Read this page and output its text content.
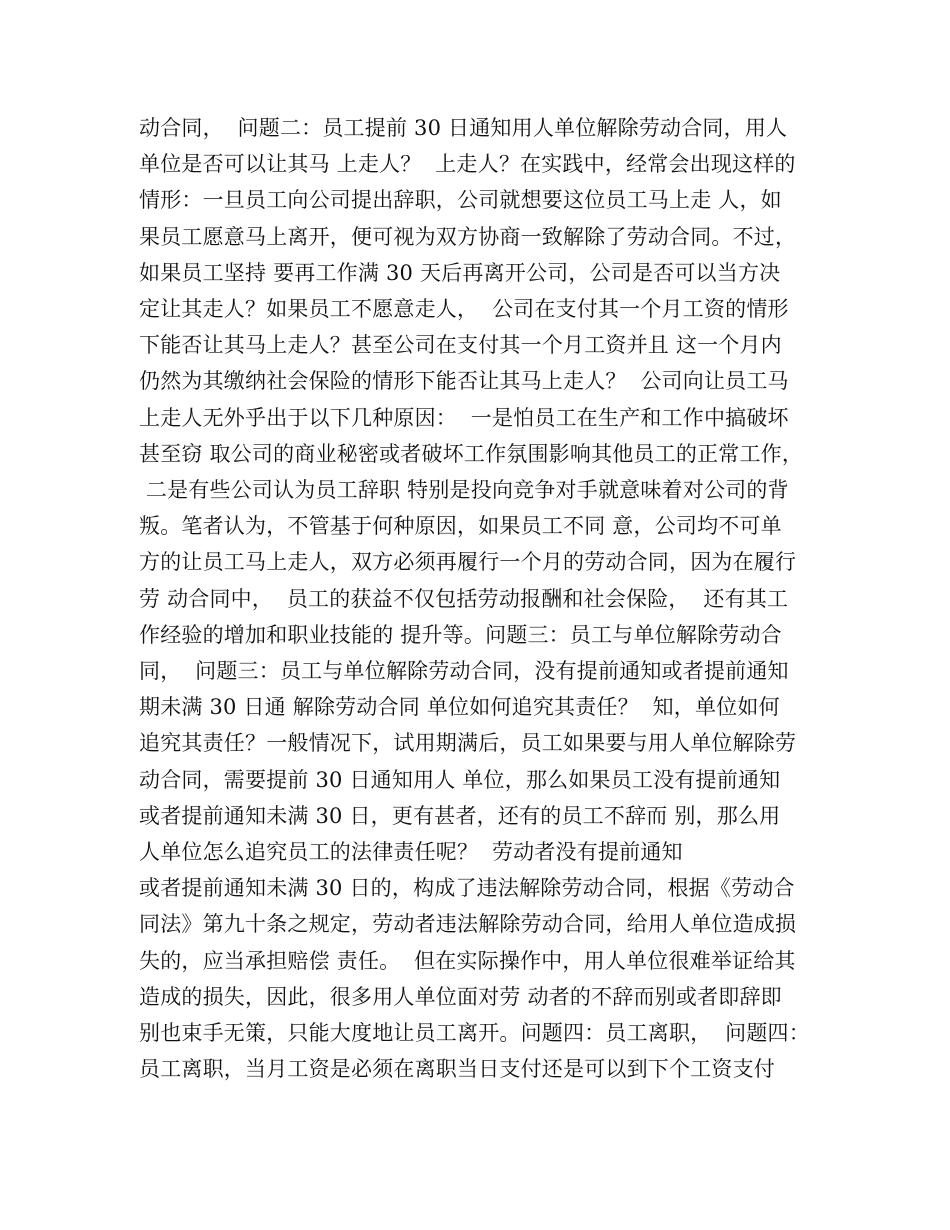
动合同，  问题二：员工提前 30 日通知用人单位解除劳动合同，用人
单位是否可以让其马 上走人？  上走人？在实践中，经常会出现这样的
情形：一旦员工向公司提出辞职，公司就想要这位员工马上走 人，如
果员工愿意马上离开，便可视为双方协商一致解除了劳动合同。不过，
如果员工坚持 要再工作满 30 天后再离开公司，公司是否可以当方决
定让其走人？如果员工不愿意走人，  公司在支付其一个月工资的情形
下能否让其马上走人？甚至公司在支付其一个月工资并且 这一个月内
仍然为其缴纳社会保险的情形下能否让其马上走人？  公司向让员工马
上走人无外乎出于以下几种原因：  一是怕员工在生产和工作中搞破坏
甚至窃 取公司的商业秘密或者破坏工作氛围影响其他员工的正常工作，
二是有些公司认为员工辞职 特别是投向竞争对手就意味着对公司的背
叛。笔者认为，不管基于何种原因，如果员工不同 意，公司均不可单
方的让员工马上走人，双方必须再履行一个月的劳动合同，因为在履行
劳 动合同中，  员工的获益不仅包括劳动报酬和社会保险，  还有其工
作经验的增加和职业技能的 提升等。问题三：员工与单位解除劳动合
同，  问题三：员工与单位解除劳动合同，没有提前通知或者提前通知
期未满 30 日通 解除劳动合同 单位如何追究其责任？  知，单位如何
追究其责任？一般情况下，试用期满后，员工如果要与用人单位解除劳
动合同，需要提前 30 日通知用人 单位，那么如果员工没有提前通知
或者提前通知未满 30 日，更有甚者，还有的员工不辞而 别，那么用
人单位怎么追究员工的法律责任呢？  劳动者没有提前通知
或者提前通知未满 30 日的，构成了违法解除劳动合同，根据《劳动合
同法》第九十条之规定，劳动者违法解除劳动合同，给用人单位造成损
失的，应当承担赔偿 责任。  但在实际操作中，用人单位很难举证给其
造成的损失，因此，很多用人单位面对劳 动者的不辞而别或者即辞即
别也束手无策，只能大度地让员工离开。问题四：员工离职，  问题四：
员工离职，当月工资是必须在离职当日支付还是可以到下个工资支付
